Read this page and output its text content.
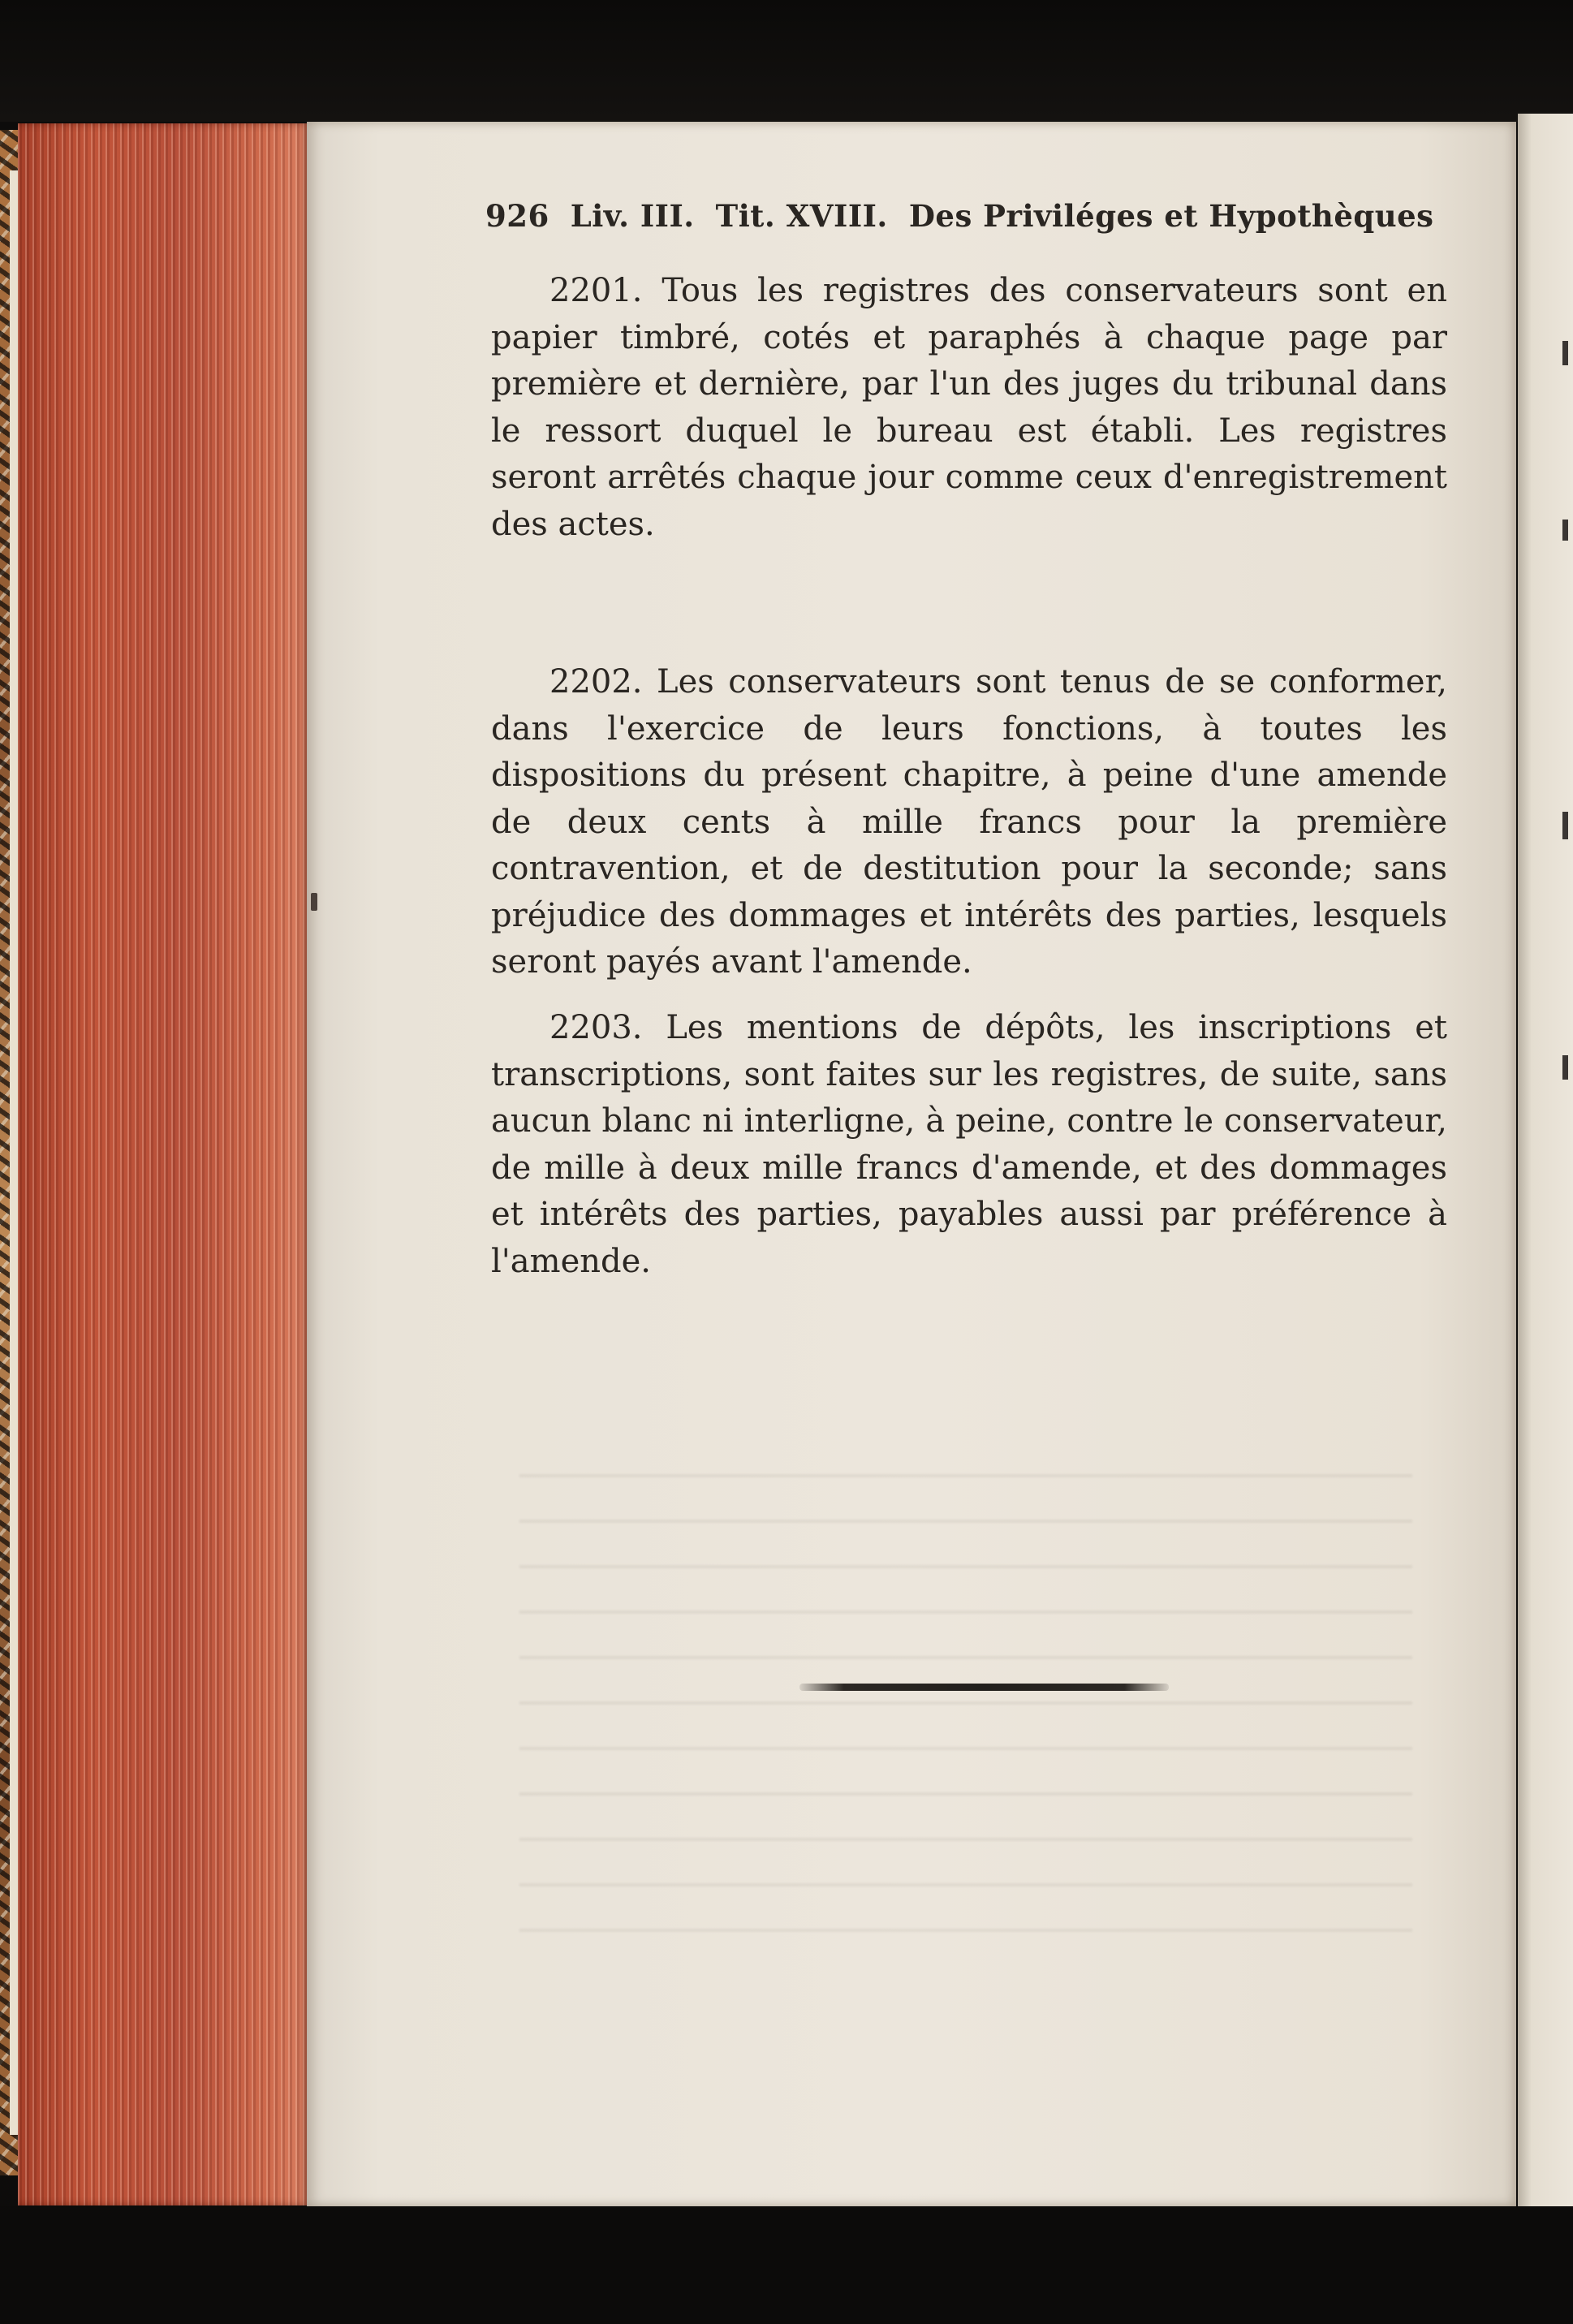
926 Liv. III. Tit. XVIII. Des Priviléges et Hypothèques
2201. Tous les registres des conservateurs sont en papier timbré, cotés et paraphés à chaque page par première et dernière, par l'un des juges du tribunal dans le ressort duquel le bureau est établi. Les registres seront arrêtés chaque jour comme ceux d'enregistrement des actes.
2202. Les conservateurs sont tenus de se conformer, dans l'exercice de leurs fonctions, à toutes les dispositions du présent chapitre, à peine d'une amende de deux cents à mille francs pour la première contravention, et de destitution pour la seconde; sans préjudice des dommages et intérêts des parties, lesquels seront payés avant l'amende.
2203. Les mentions de dépôts, les inscriptions et transcriptions, sont faites sur les registres, de suite, sans aucun blanc ni interligne, à peine, contre le conservateur, de mille à deux mille francs d'amende, et des dommages et intérêts des parties, payables aussi par préférence à l'amende.
